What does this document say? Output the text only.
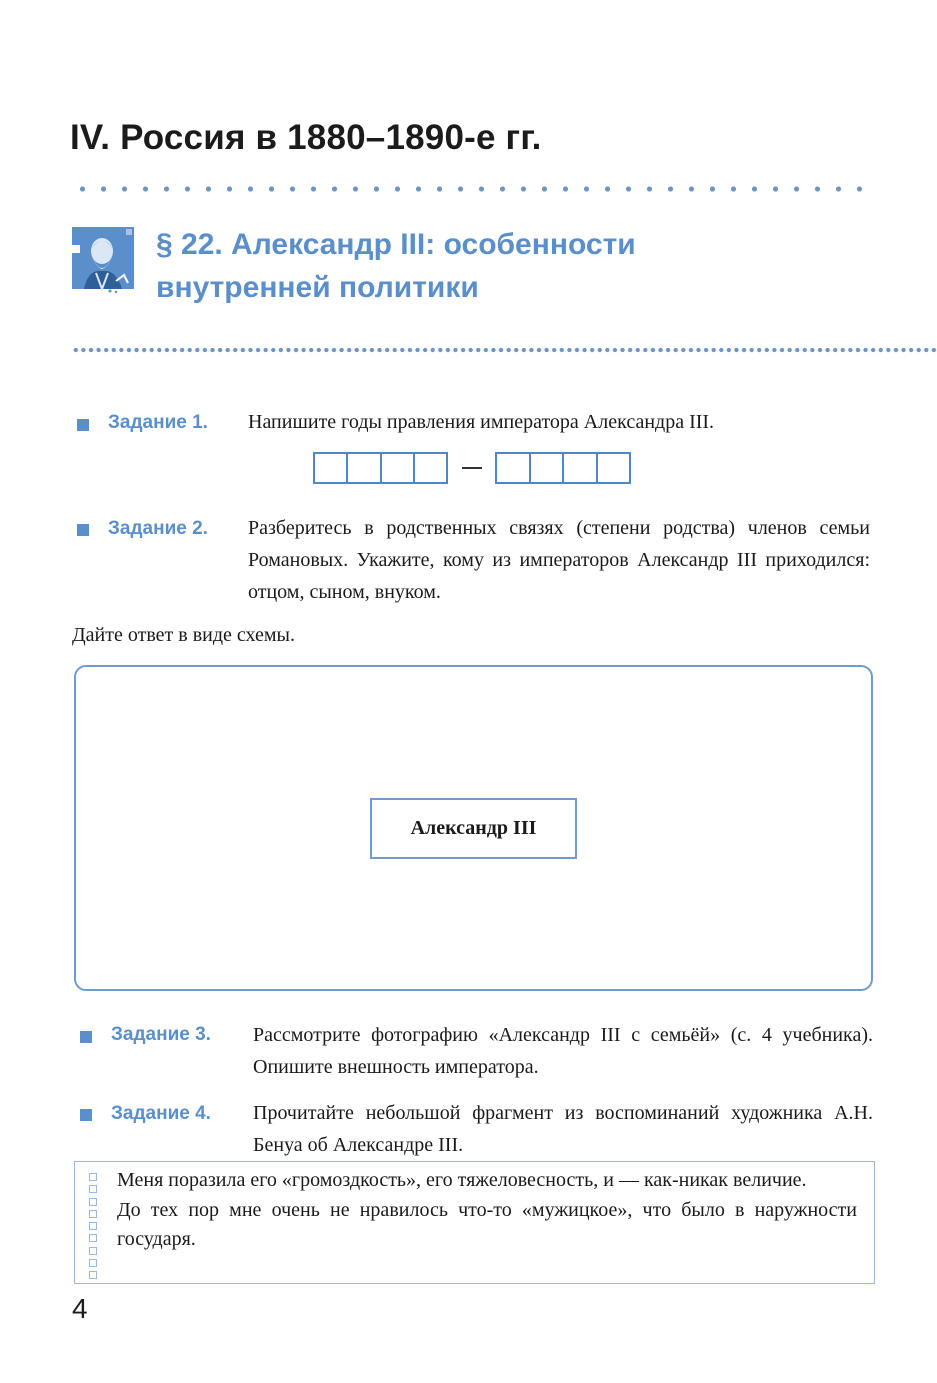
IV. Россия в 1880–1890-е гг.
§ 22. Александр III: особенности
внутренней политики
Задание 1. Напишите годы правления императора Александра III.
Задание 2. Разберитесь в родственных связях (степени родства) членов семьи Романовых. Укажите, кому из императоров Александр III приходился: отцом, сыном, внуком.
Дайте ответ в виде схемы.
Александр III
Задание 3. Рассмотрите фотографию «Александр III с семьёй» (с. 4 учебника). Опишите внешность императора.
Задание 4. Прочитайте небольшой фрагмент из воспоминаний художника А.Н. Бенуа об Александре III.

Меня поразила его «громоздкость», его тяжеловесность, и — как-никак величие.

До тех пор мне очень не нравилось что-то «мужицкое», что было в наружности государя.

4
